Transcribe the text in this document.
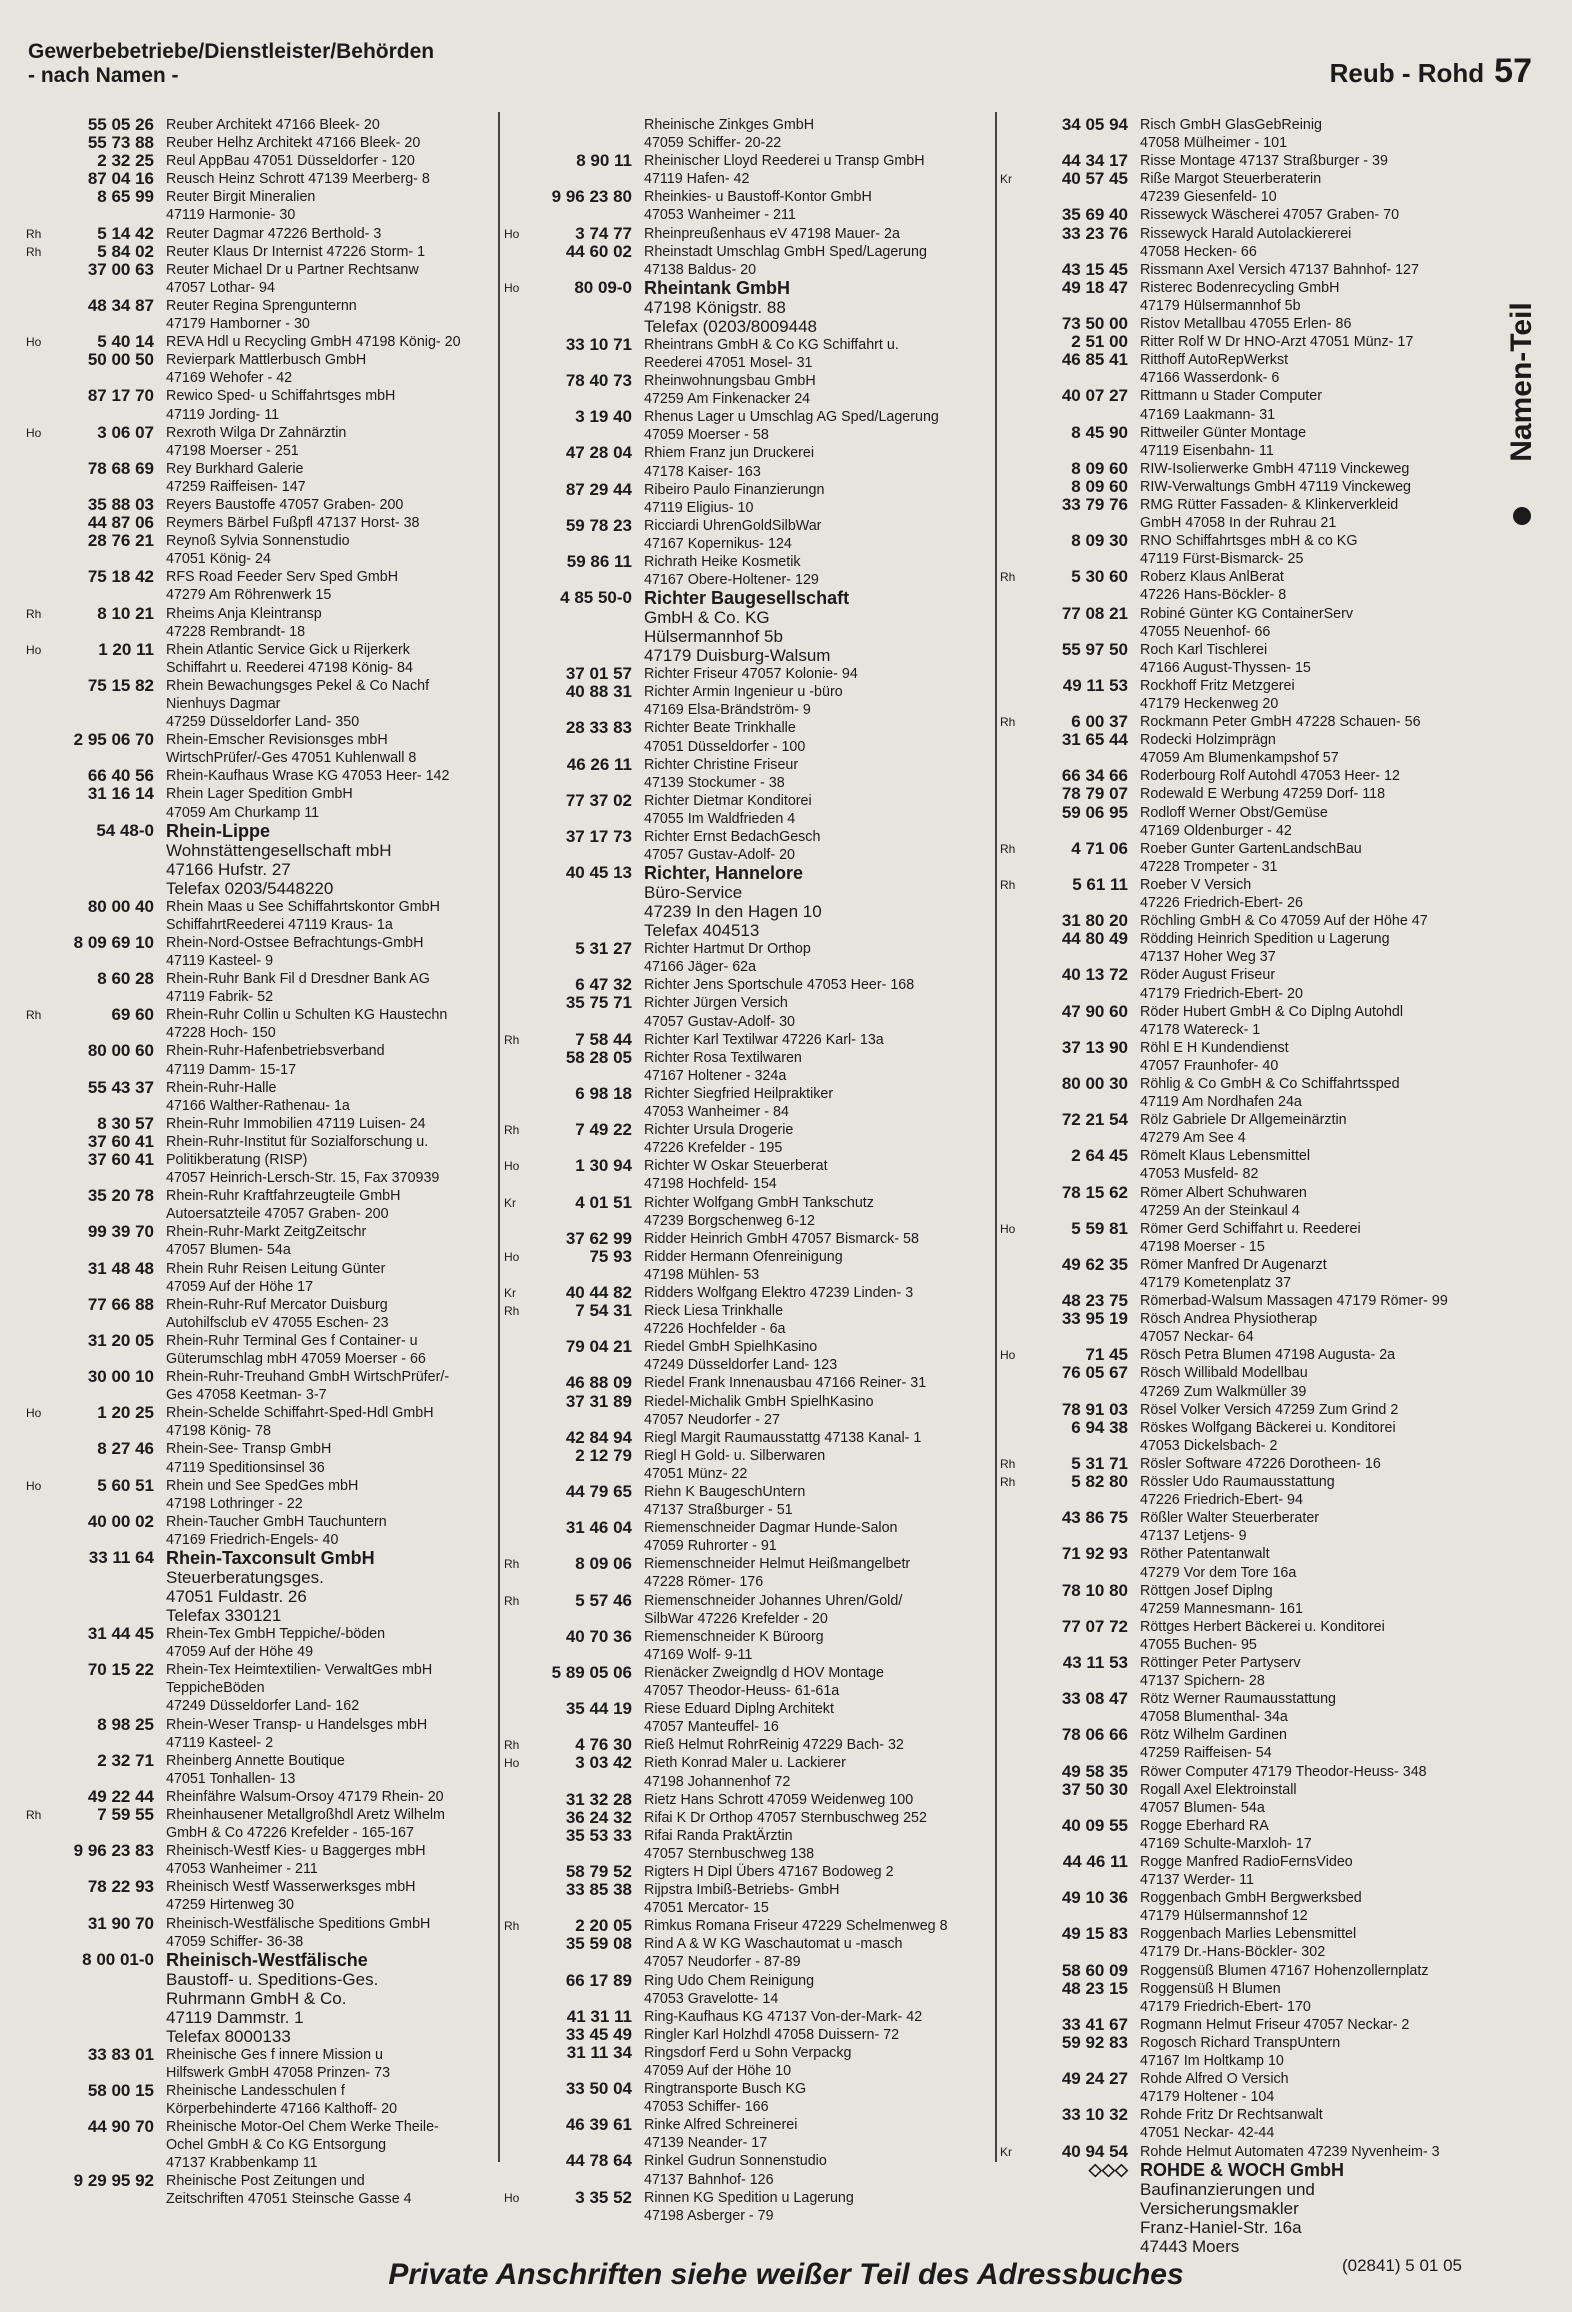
Gewerbebetriebe/Dienstleister/Behörden
- nach Namen -	Reub - Rohd 57
55 05 26 Reuber Architekt 47166 Bleek- 20
55 73 88 Reuber Helhz Architekt 47166 Bleek- 20
2 32 25 Reul AppBau 47051 Düsseldorfer - 120
87 04 16 Reusch Heinz Schrott 47139 Meerberg- 8
8 65 99 Reuter Birgit Mineralien
47119 Harmonie- 30
Rh	5 14 42 Reuter Dagmar 47226 Berthold- 3
Rh	5 84 02 Reuter Klaus Dr Internist 47226 Storm- 1
37 00 63 Reuter Michael Dr u Partner Rechtsanw
47057 Lothar- 94
48 34 87 Reuter Regina Sprengunternn
47179 Hamborner - 30
Ho	5 40 14 REVA Hdl u Recycling GmbH 47198 König- 20
50 00 50 Revierpark Mattlerbusch GmbH
47169 Wehofer - 42
87 17 70 Rewico Sped- u Schiffahrtsges mbH
47119 Jording- 11
Ho	3 06 07 Rexroth Wilga Dr Zahnärztin
47198 Moerser - 251
78 68 69 Rey Burkhard Galerie
47259 Raiffeisen- 147
35 88 03 Reyers Baustoffe 47057 Graben- 200
44 87 06 Reymers Bärbel Fußpfl 47137 Horst- 38
28 76 21 Reynoß Sylvia Sonnenstudio
47051 König- 24
75 18 42 RFS Road Feeder Serv Sped GmbH
47279 Am Röhrenwerk 15
Rh	8 10 21 Rheims Anja Kleintransp
47228 Rembrandt- 18
Ho	1 20 11 Rhein Atlantic Service Gick u Rijerkerk
Schiffahrt u. Reederei 47198 König- 84
75 15 82 Rhein Bewachungsges Pekel & Co Nachf
Nienhuys Dagmar
47259 Düsseldorfer Land- 350
2 95 06 70 Rhein-Emscher Revisionsges mbH
WirtschPrüfer/-Ges 47051 Kuhlenwall 8
66 40 56 Rhein-Kaufhaus Wrase KG 47053 Heer- 142
31 16 14 Rhein Lager Spedition GmbH
47059 Am Churkamp 11
54 48-0 Rhein-Lippe
Wohnstättengesellschaft mbH
47166 Hufstr. 27
Telefax 0203/5448220
80 00 40 Rhein Maas u See Schiffahrtskontor GmbH
SchiffahrtReederei 47119 Kraus- 1a
8 09 69 10 Rhein-Nord-Ostsee Befrachtungs-GmbH
47119 Kasteel- 9
8 60 28 Rhein-Ruhr Bank Fil d Dresdner Bank AG
47119 Fabrik- 52
Rh	69 60 Rhein-Ruhr Collin u Schulten KG Haustechn
47228 Hoch- 150
80 00 60 Rhein-Ruhr-Hafenbetriebsverband
47119 Damm- 15-17
55 43 37 Rhein-Ruhr-Halle
47166 Walther-Rathenau- 1a
8 30 57 Rhein-Ruhr Immobilien 47119 Luisen- 24
37 60 41 Rhein-Ruhr-Institut für Sozialforschung u.
37 60 41 Politikberatung (RISP)
47057 Heinrich-Lersch-Str. 15, Fax 370939
35 20 78 Rhein-Ruhr Kraftfahrzeugteile GmbH
Autoersatzteile 47057 Graben- 200
99 39 70 Rhein-Ruhr-Markt ZeitgZeitschr
47057 Blumen- 54a
31 48 48 Rhein Ruhr Reisen Leitung Günter
47059 Auf der Höhe 17
77 66 88 Rhein-Ruhr-Ruf Mercator Duisburg
Autohilfsclub eV 47055 Eschen- 23
31 20 05 Rhein-Ruhr Terminal Ges f Container- u
Güterumschlag mbH 47059 Moerser - 66
30 00 10 Rhein-Ruhr-Treuhand GmbH WirtschPrüfer/-
Ges 47058 Keetman- 3-7
Ho	1 20 25 Rhein-Schelde Schiffahrt-Sped-Hdl GmbH
47198 König- 78
8 27 46 Rhein-See- Transp GmbH
47119 Speditionsinsel 36
Ho	5 60 51 Rhein und See SpedGes mbH
47198 Lothringer - 22
40 00 02 Rhein-Taucher GmbH Tauchuntern
47169 Friedrich-Engels- 40
33 11 64 Rhein-Taxconsult GmbH
Steuerberatungsges.
47051 Fuldastr. 26
Telefax 330121
31 44 45 Rhein-Tex GmbH Teppiche/-böden
47059 Auf der Höhe 49
70 15 22 Rhein-Tex Heimtextilien- VerwaltGes mbH
TeppicheBöden
47249 Düsseldorfer Land- 162
8 98 25 Rhein-Weser Transp- u Handelsges mbH
47119 Kasteel- 2
2 32 71 Rheinberg Annette Boutique
47051 Tonhallen- 13
49 22 44 Rheinfähre Walsum-Orsoy 47179 Rhein- 20
Rh	7 59 55 Rheinhausener Metallgroßhdl Aretz Wilhelm
GmbH & Co 47226 Krefelder - 165-167
9 96 23 83 Rheinisch-Westf Kies- u Baggerges mbH
47053 Wanheimer - 211
78 22 93 Rheinisch Westf Wasserwerksges mbH
47259 Hirtenweg 30
31 90 70 Rheinisch-Westfälische Speditions GmbH
47059 Schiffer- 36-38
8 00 01-0 Rheinisch-Westfälische
Baustoff- u. Speditions-Ges.
Ruhrmann GmbH & Co.
47119 Dammstr. 1
Telefax 8000133
33 83 01 Rheinische Ges f innere Mission u
Hilfswerk GmbH 47058 Prinzen- 73
58 00 15 Rheinische Landesschulen f
Körperbehinderte 47166 Kalthoff- 20
44 90 70 Rheinische Motor-Oel Chem Werke Theile-
Ochel GmbH & Co KG Entsorgung
47137 Krabbenkamp 11
9 29 95 92 Rheinische Post Zeitungen und
Zeitschriften 47051 Steinsche Gasse 4
Rheinische Zinkges GmbH
47059 Schiffer- 20-22
8 90 11 Rheinischer Lloyd Reederei u Transp GmbH
47119 Hafen- 42
9 96 23 80 Rheinkies- u Baustoff-Kontor GmbH
47053 Wanheimer - 211
Ho	3 74 77 Rheinpreußenhaus eV 47198 Mauer- 2a
44 60 02 Rheinstadt Umschlag GmbH Sped/Lagerung
47138 Baldus- 20
Ho	80 09-0 Rheintank GmbH
47198 Königstr. 88
Telefax (0203/8009448
33 10 71 Rheintrans GmbH & Co KG Schiffahrt u.
Reederei 47051 Mosel- 31
78 40 73 Rheinwohnungsbau GmbH
47259 Am Finkenacker 24
3 19 40 Rhenus Lager u Umschlag AG Sped/Lagerung
47059 Moerser - 58
47 28 04 Rhiem Franz jun Druckerei
47178 Kaiser- 163
87 29 44 Ribeiro Paulo Finanzierungn
47119 Eligius- 10
59 78 23 Ricciardi UhrenGoldSilbWar
47167 Kopernikus- 124
59 86 11 Richrath Heike Kosmetik
47167 Obere-Holtener- 129
4 85 50-0 Richter Baugesellschaft
GmbH & Co. KG
Hülsermannhof 5b
47179 Duisburg-Walsum
37 01 57 Richter Friseur 47057 Kolonie- 94
40 88 31 Richter Armin Ingenieur u -büro
47169 Elsa-Brändström- 9
28 33 83 Richter Beate Trinkhalle
47051 Düsseldorfer - 100
46 26 11 Richter Christine Friseur
47139 Stockumer - 38
77 37 02 Richter Dietmar Konditorei
47055 Im Waldfrieden 4
37 17 73 Richter Ernst BedachGesch
47057 Gustav-Adolf- 20
40 45 13 Richter, Hannelore
Büro-Service
47239 In den Hagen 10
Telefax 404513
5 31 27 Richter Hartmut Dr Orthop
47166 Jäger- 62a
6 47 32 Richter Jens Sportschule 47053 Heer- 168
35 75 71 Richter Jürgen Versich
47057 Gustav-Adolf- 30
Rh	7 58 44 Richter Karl Textilwar 47226 Karl- 13a
58 28 05 Richter Rosa Textilwaren
47167 Holtener - 324a
6 98 18 Richter Siegfried Heilpraktiker
47053 Wanheimer - 84
Rh	7 49 22 Richter Ursula Drogerie
47226 Krefelder - 195
Ho	1 30 94 Richter W Oskar Steuerberat
47198 Hochfeld- 154
Kr	4 01 51 Richter Wolfgang GmbH Tankschutz
47239 Borgschenweg 6-12
37 62 99 Ridder Heinrich GmbH 47057 Bismarck- 58
Ho	75 93 Ridder Hermann Ofenreinigung
47198 Mühlen- 53
Kr	40 44 82 Ridders Wolfgang Elektro 47239 Linden- 3
Rh	7 54 31 Rieck Liesa Trinkhalle
47226 Hochfelder - 6a
79 04 21 Riedel GmbH SpielhKasino
47249 Düsseldorfer Land- 123
46 88 09 Riedel Frank Innenausbau 47166 Reiner- 31
37 31 89 Riedel-Michalik GmbH SpielhKasino
47057 Neudorfer - 27
42 84 94 Riegl Margit Raumausstattg 47138 Kanal- 1
2 12 79 Riegl H Gold- u. Silberwaren
47051 Münz- 22
44 79 65 Riehn K BaugeschUntern
47137 Straßburger - 51
31 46 04 Riemenschneider Dagmar Hunde-Salon
47059 Ruhrorter - 91
Rh	8 09 06 Riemenschneider Helmut Heißmangelbetr
47228 Römer- 176
Rh	5 57 46 Riemenschneider Johannes Uhren/Gold/
SilbWar 47226 Krefelder - 20
40 70 36 Riemenschneider K Büroorg
47169 Wolf- 9-11
5 89 05 06 Rienäcker Zweigndlg d HOV Montage
47057 Theodor-Heuss- 61-61a
35 44 19 Riese Eduard Diplng Architekt
47057 Manteuffel- 16
Rh	4 76 30 Rieß Helmut RohrReinig 47229 Bach- 32
Ho	3 03 42 Rieth Konrad Maler u. Lackierer
47198 Johannenhof 72
31 32 28 Rietz Hans Schrott 47059 Weidenweg 100
36 24 32 Rifai K Dr Orthop 47057 Sternbuschweg 252
35 53 33 Rifai Randa PraktÄrztin
47057 Sternbuschweg 138
58 79 52 Rigters H Dipl Übers 47167 Bodoweg 2
33 85 38 Rijpstra Imbiß-Betriebs- GmbH
47051 Mercator- 15
Rh	2 20 05 Rimkus Romana Friseur 47229 Schelmenweg 8
35 59 08 Rind A & W KG Waschautomat u -masch
47057 Neudorfer - 87-89
66 17 89 Ring Udo Chem Reinigung
47053 Gravelotte- 14
41 31 11 Ring-Kaufhaus KG 47137 Von-der-Mark- 42
33 45 49 Ringler Karl Holzhdl 47058 Duissern- 72
31 11 34 Ringsdorf Ferd u Sohn Verpackg
47059 Auf der Höhe 10
33 50 04 Ringtransporte Busch KG
47053 Schiffer- 166
46 39 61 Rinke Alfred Schreinerei
47139 Neander- 17
44 78 64 Rinkel Gudrun Sonnenstudio
47137 Bahnhof- 126
Ho	3 35 52 Rinnen KG Spedition u Lagerung
47198 Asberger - 79
34 05 94 Risch GmbH GlasGebReinig
47058 Mülheimer - 101
44 34 17 Risse Montage 47137 Straßburger - 39
Kr	40 57 45 Riße Margot Steuerberaterin
47239 Giesenfeld- 10
35 69 40 Rissewyck Wäscherei 47057 Graben- 70
33 23 76 Rissewyck Harald Autolackiererei
47058 Hecken- 66
43 15 45 Rissmann Axel Versich 47137 Bahnhof- 127
49 18 47 Risterec Bodenrecycling GmbH
47179 Hülsermannhof 5b
73 50 00 Ristov Metallbau 47055 Erlen- 86
2 51 00 Ritter Rolf W Dr HNO-Arzt 47051 Münz- 17
46 85 41 Ritthoff AutoRepWerkst
47166 Wasserdonk- 6
40 07 27 Rittmann u Stader Computer
47169 Laakmann- 31
8 45 90 Rittweiler Günter Montage
47119 Eisenbahn- 11
8 09 60 RIW-Isolierwerke GmbH 47119 Vinckeweg
8 09 60 RIW-Verwaltungs GmbH 47119 Vinckeweg
33 79 76 RMG Rütter Fassaden- & Klinkerverkleid
GmbH 47058 In der Ruhrau 21
8 09 30 RNO Schiffahrtsges mbH & co KG
47119 Fürst-Bismarck- 25
Rh	5 30 60 Roberz Klaus AnlBerat
47226 Hans-Böckler- 8
77 08 21 Robiné Günter KG ContainerServ
47055 Neuenhof- 66
55 97 50 Roch Karl Tischlerei
47166 August-Thyssen- 15
49 11 53 Rockhoff Fritz Metzgerei
47179 Heckenweg 20
Rh	6 00 37 Rockmann Peter GmbH 47228 Schauen- 56
31 65 44 Rodecki Holzimprägn
47059 Am Blumenkampshof 57
66 34 66 Roderbourg Rolf Autohdl 47053 Heer- 12
78 79 07 Rodewald E Werbung 47259 Dorf- 118
59 06 95 Rodloff Werner Obst/Gemüse
47169 Oldenburger - 42
Rh	4 71 06 Roeber Gunter GartenLandschBau
47228 Trompeter - 31
Rh	5 61 11 Roeber V Versich
47226 Friedrich-Ebert- 26
31 80 20 Röchling GmbH & Co 47059 Auf der Höhe 47
44 80 49 Rödding Heinrich Spedition u Lagerung
47137 Hoher Weg 37
40 13 72 Röder August Friseur
47179 Friedrich-Ebert- 20
47 90 60 Röder Hubert GmbH & Co Diplng Autohdl
47178 Watereck- 1
37 13 90 Röhl E H Kundendienst
47057 Fraunhofer- 40
80 00 30 Röhlig & Co GmbH & Co Schiffahrtssped
47119 Am Nordhafen 24a
72 21 54 Rölz Gabriele Dr Allgemeinärztin
47279 Am See 4
2 64 45 Römelt Klaus Lebensmittel
47053 Musfeld- 82
78 15 62 Römer Albert Schuhwaren
47259 An der Steinkaul 4
Ho	5 59 81 Römer Gerd Schiffahrt u. Reederei
47198 Moerser - 15
49 62 35 Römer Manfred Dr Augenarzt
47179 Kometenplatz 37
48 23 75 Römerbad-Walsum Massagen 47179 Römer- 99
33 95 19 Rösch Andrea Physiotherap
47057 Neckar- 64
Ho	71 45 Rösch Petra Blumen 47198 Augusta- 2a
76 05 67 Rösch Willibald Modellbau
47269 Zum Walkmüller 39
78 91 03 Rösel Volker Versich 47259 Zum Grind 2
6 94 38 Röskes Wolfgang Bäckerei u. Konditorei
47053 Dickelsbach- 2
Rh	5 31 71 Rösler Software 47226 Dorotheen- 16
Rh	5 82 80 Rössler Udo Raumausstattung
47226 Friedrich-Ebert- 94
43 86 75 Rößler Walter Steuerberater
47137 Letjens- 9
71 92 93 Röther Patentanwalt
47279 Vor dem Tore 16a
78 10 80 Röttgen Josef Diplng
47259 Mannesmann- 161
77 07 72 Röttges Herbert Bäckerei u. Konditorei
47055 Buchen- 95
43 11 53 Röttinger Peter Partyserv
47137 Spichern- 28
33 08 47 Rötz Werner Raumausstattung
47058 Blumenthal- 34a
78 06 66 Rötz Wilhelm Gardinen
47259 Raiffeisen- 54
49 58 35 Röwer Computer 47179 Theodor-Heuss- 348
37 50 30 Rogall Axel Elektroinstall
47057 Blumen- 54a
40 09 55 Rogge Eberhard RA
47169 Schulte-Marxloh- 17
44 46 11 Rogge Manfred RadioFernsVideo
47137 Werder- 11
49 10 36 Roggenbach GmbH Bergwerksbed
47179 Hülsermannshof 12
49 15 83 Roggenbach Marlies Lebensmittel
47179 Dr.-Hans-Böckler- 302
58 60 09 Roggensüß Blumen 47167 Hohenzollernplatz
48 23 15 Roggensüß H Blumen
47179 Friedrich-Ebert- 170
33 41 67 Rogmann Helmut Friseur 47057 Neckar- 2
59 92 83 Rogosch Richard TranspUntern
47167 Im Holtkamp 10
49 24 27 Rohde Alfred O Versich
47179 Holtener - 104
33 10 32 Rohde Fritz Dr Rechtsanwalt
47051 Neckar- 42-44
Kr	40 94 54 Rohde Helmut Automaten 47239 Nyvenheim- 3
◇◇◇ ROHDE & WOCH GmbH
Baufinanzierungen und
Versicherungsmakler
Franz-Haniel-Str. 16a
47443 Moers
(02841) 5 01 05
Namen-Teil
Private Anschriften siehe weißer Teil des Adressbuches
